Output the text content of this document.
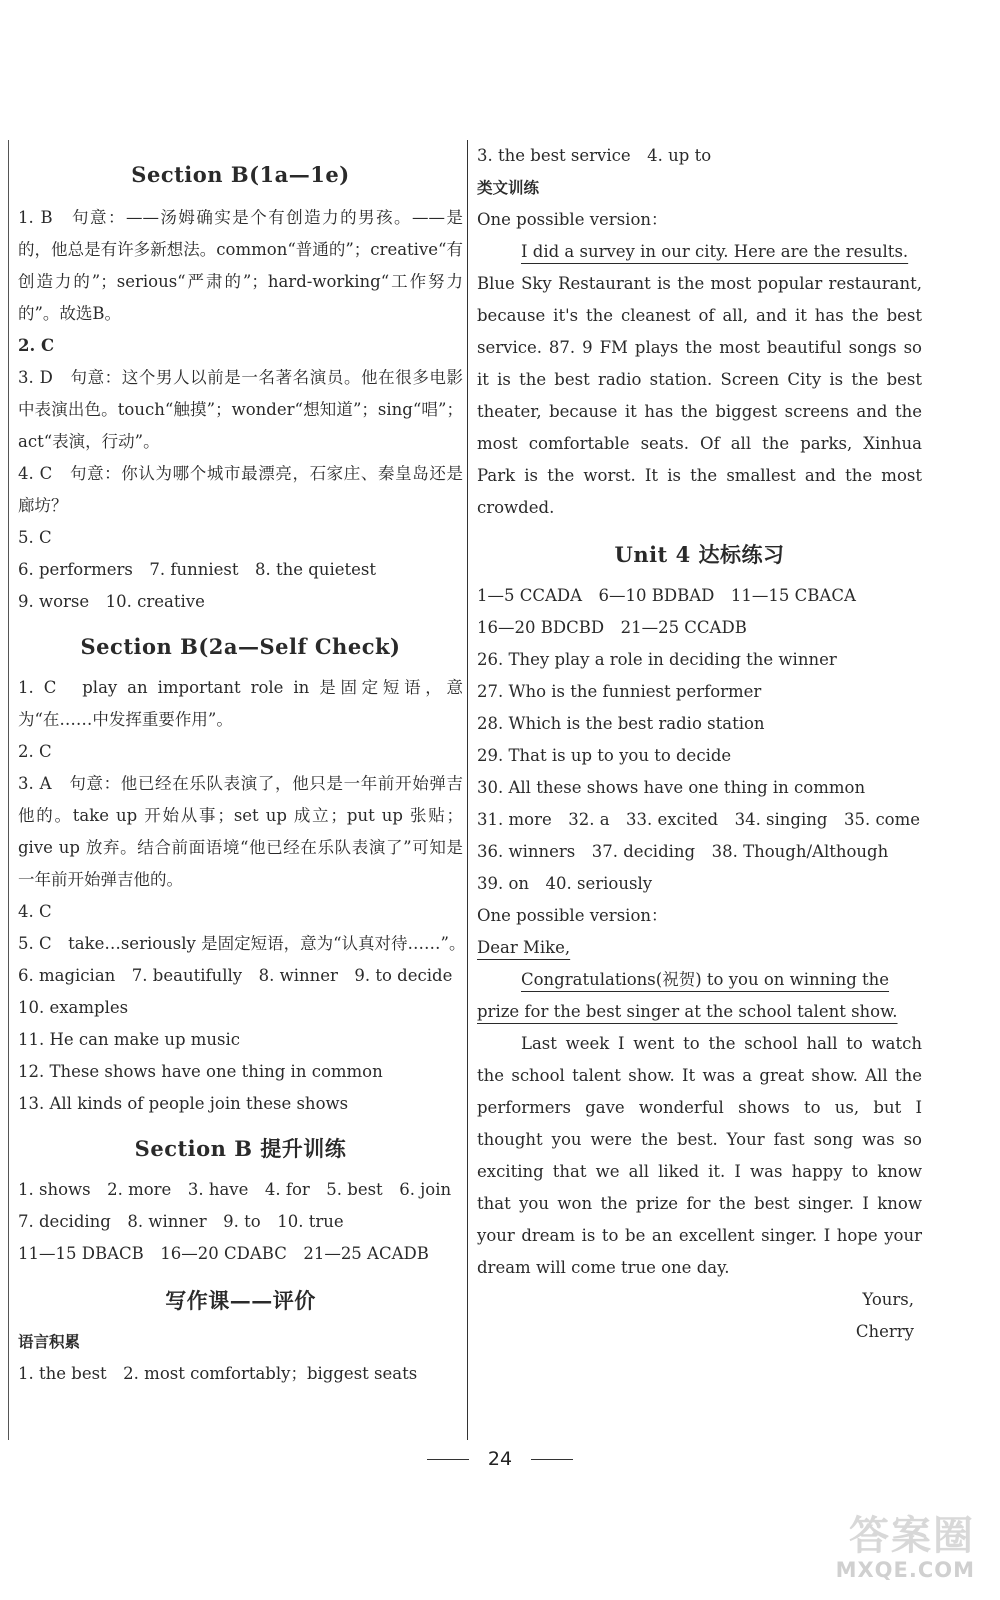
Section B(1a—1e)
1. B　句意：——汤姆确实是个有创造力的男孩。——是的，他总是有许多新想法。common“普通的”；creative“有创造力的”；serious“严肃的”；hard-working“工作努力的”。故选B。
2. C
3. D　句意：这个男人以前是一名著名演员。他在很多电影中表演出色。touch“触摸”；wonder“想知道”；sing“唱”；act“表演，行动”。
4. C　句意：你认为哪个城市最漂亮，石家庄、秦皇岛还是廊坊？
5. C
6. performers　7. funniest　8. the quietest
9. worse　10. creative
Section B(2a—Self Check)
1. C　play an important role in 是固定短语，意为“在……中发挥重要作用”。
2. C
3. A　句意：他已经在乐队表演了，他只是一年前开始弹吉他的。take up 开始从事；set up 成立；put up 张贴；give up 放弃。结合前面语境“他已经在乐队表演了”可知是一年前开始弹吉他的。
4. C
5. C　take…seriously 是固定短语，意为“认真对待……”。
6. magician　7. beautifully　8. winner　9. to decide
10. examples
11. He can make up music
12. These shows have one thing in common
13. All kinds of people join these shows
Section B 提升训练
1. shows　2. more　3. have　4. for　5. best　6. join
7. deciding　8. winner　9. to　10. true
11—15 DBACB　16—20 CDABC　21—25 ACADB
写作课——评价
语言积累
1. the best　2. most comfortably；biggest seats
3. the best service　4. up to
类文训练
One possible version：
I did a survey in our city. Here are the results.
Blue Sky Restaurant is the most popular restaurant, because it's the cleanest of all, and it has the best service. 87. 9 FM plays the most beautiful songs so it is the best radio station. Screen City is the best theater, because it has the biggest screens and the most comfortable seats. Of all the parks, Xinhua Park is the worst. It is the smallest and the most crowded.
Unit 4 达标练习
1—5 CCADA　6—10 BDBAD　11—15 CBACA
16—20 BDCBD　21—25 CCADB
26. They play a role in deciding the winner
27. Who is the funniest performer
28. Which is the best radio station
29. That is up to you to decide
30. All these shows have one thing in common
31. more　32. a　33. excited　34. singing　35. come
36. winners　37. deciding　38. Though/Although
39. on　40. seriously
One possible version：
Dear Mike,
Congratulations(祝贺) to you on winning the prize for the best singer at the school talent show.
Last week I went to the school hall to watch the school talent show. It was a great show. All the performers gave wonderful shows to us, but I thought you were the best. Your fast song was so exciting that we all liked it. I was happy to know that you won the prize for the best singer. I know your dream is to be an excellent singer. I hope your dream will come true one day.
Yours,
Cherry
24
答案圈
MXQE.COM
